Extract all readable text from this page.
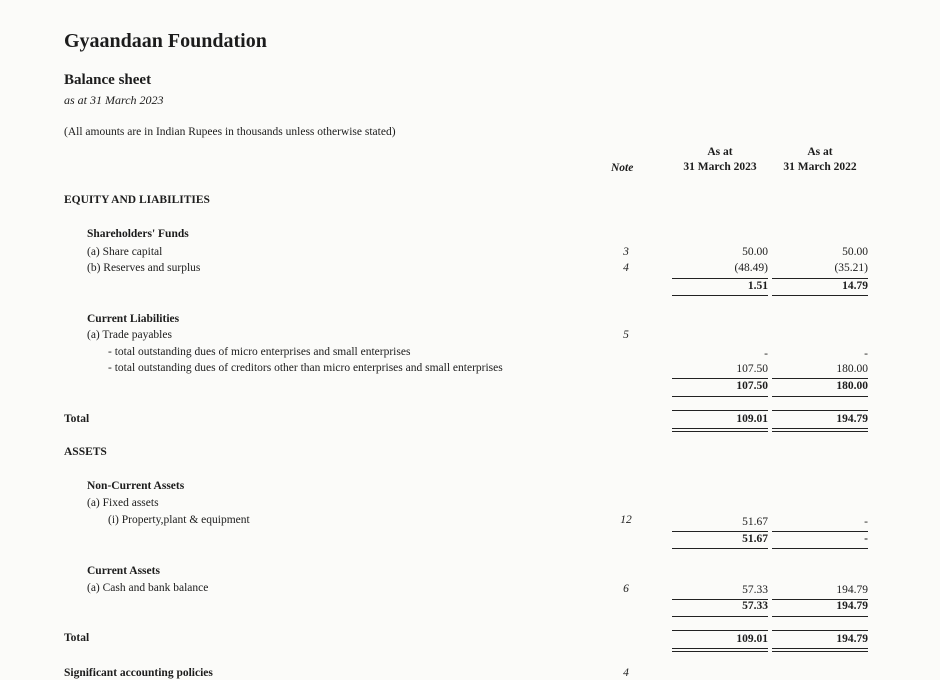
Gyaandaan Foundation
Balance sheet
as at 31 March 2023
(All amounts are in Indian Rupees in thousands unless otherwise stated)
Note
As at
31 March 2023
As at
31 March 2022
EQUITY AND LIABILITIES
Shareholders' Funds
(a) Share capital	3	50.00	50.00
(b) Reserves and surplus	4	(48.49)	(35.21)
1.51	14.79
Current Liabilities
(a) Trade payables	5
- total outstanding dues of micro enterprises and small enterprises	-	-
- total outstanding dues of creditors other than micro enterprises and small enterprises	107.50	180.00
107.50	180.00
Total	109.01	194.79
ASSETS
Non-Current Assets
(a) Fixed assets
(i) Property,plant & equipment	12	51.67	-
51.67	-
Current Assets
(a) Cash and bank balance	6	57.33	194.79
57.33	194.79
Total	109.01	194.79
Significant accounting policies	4
